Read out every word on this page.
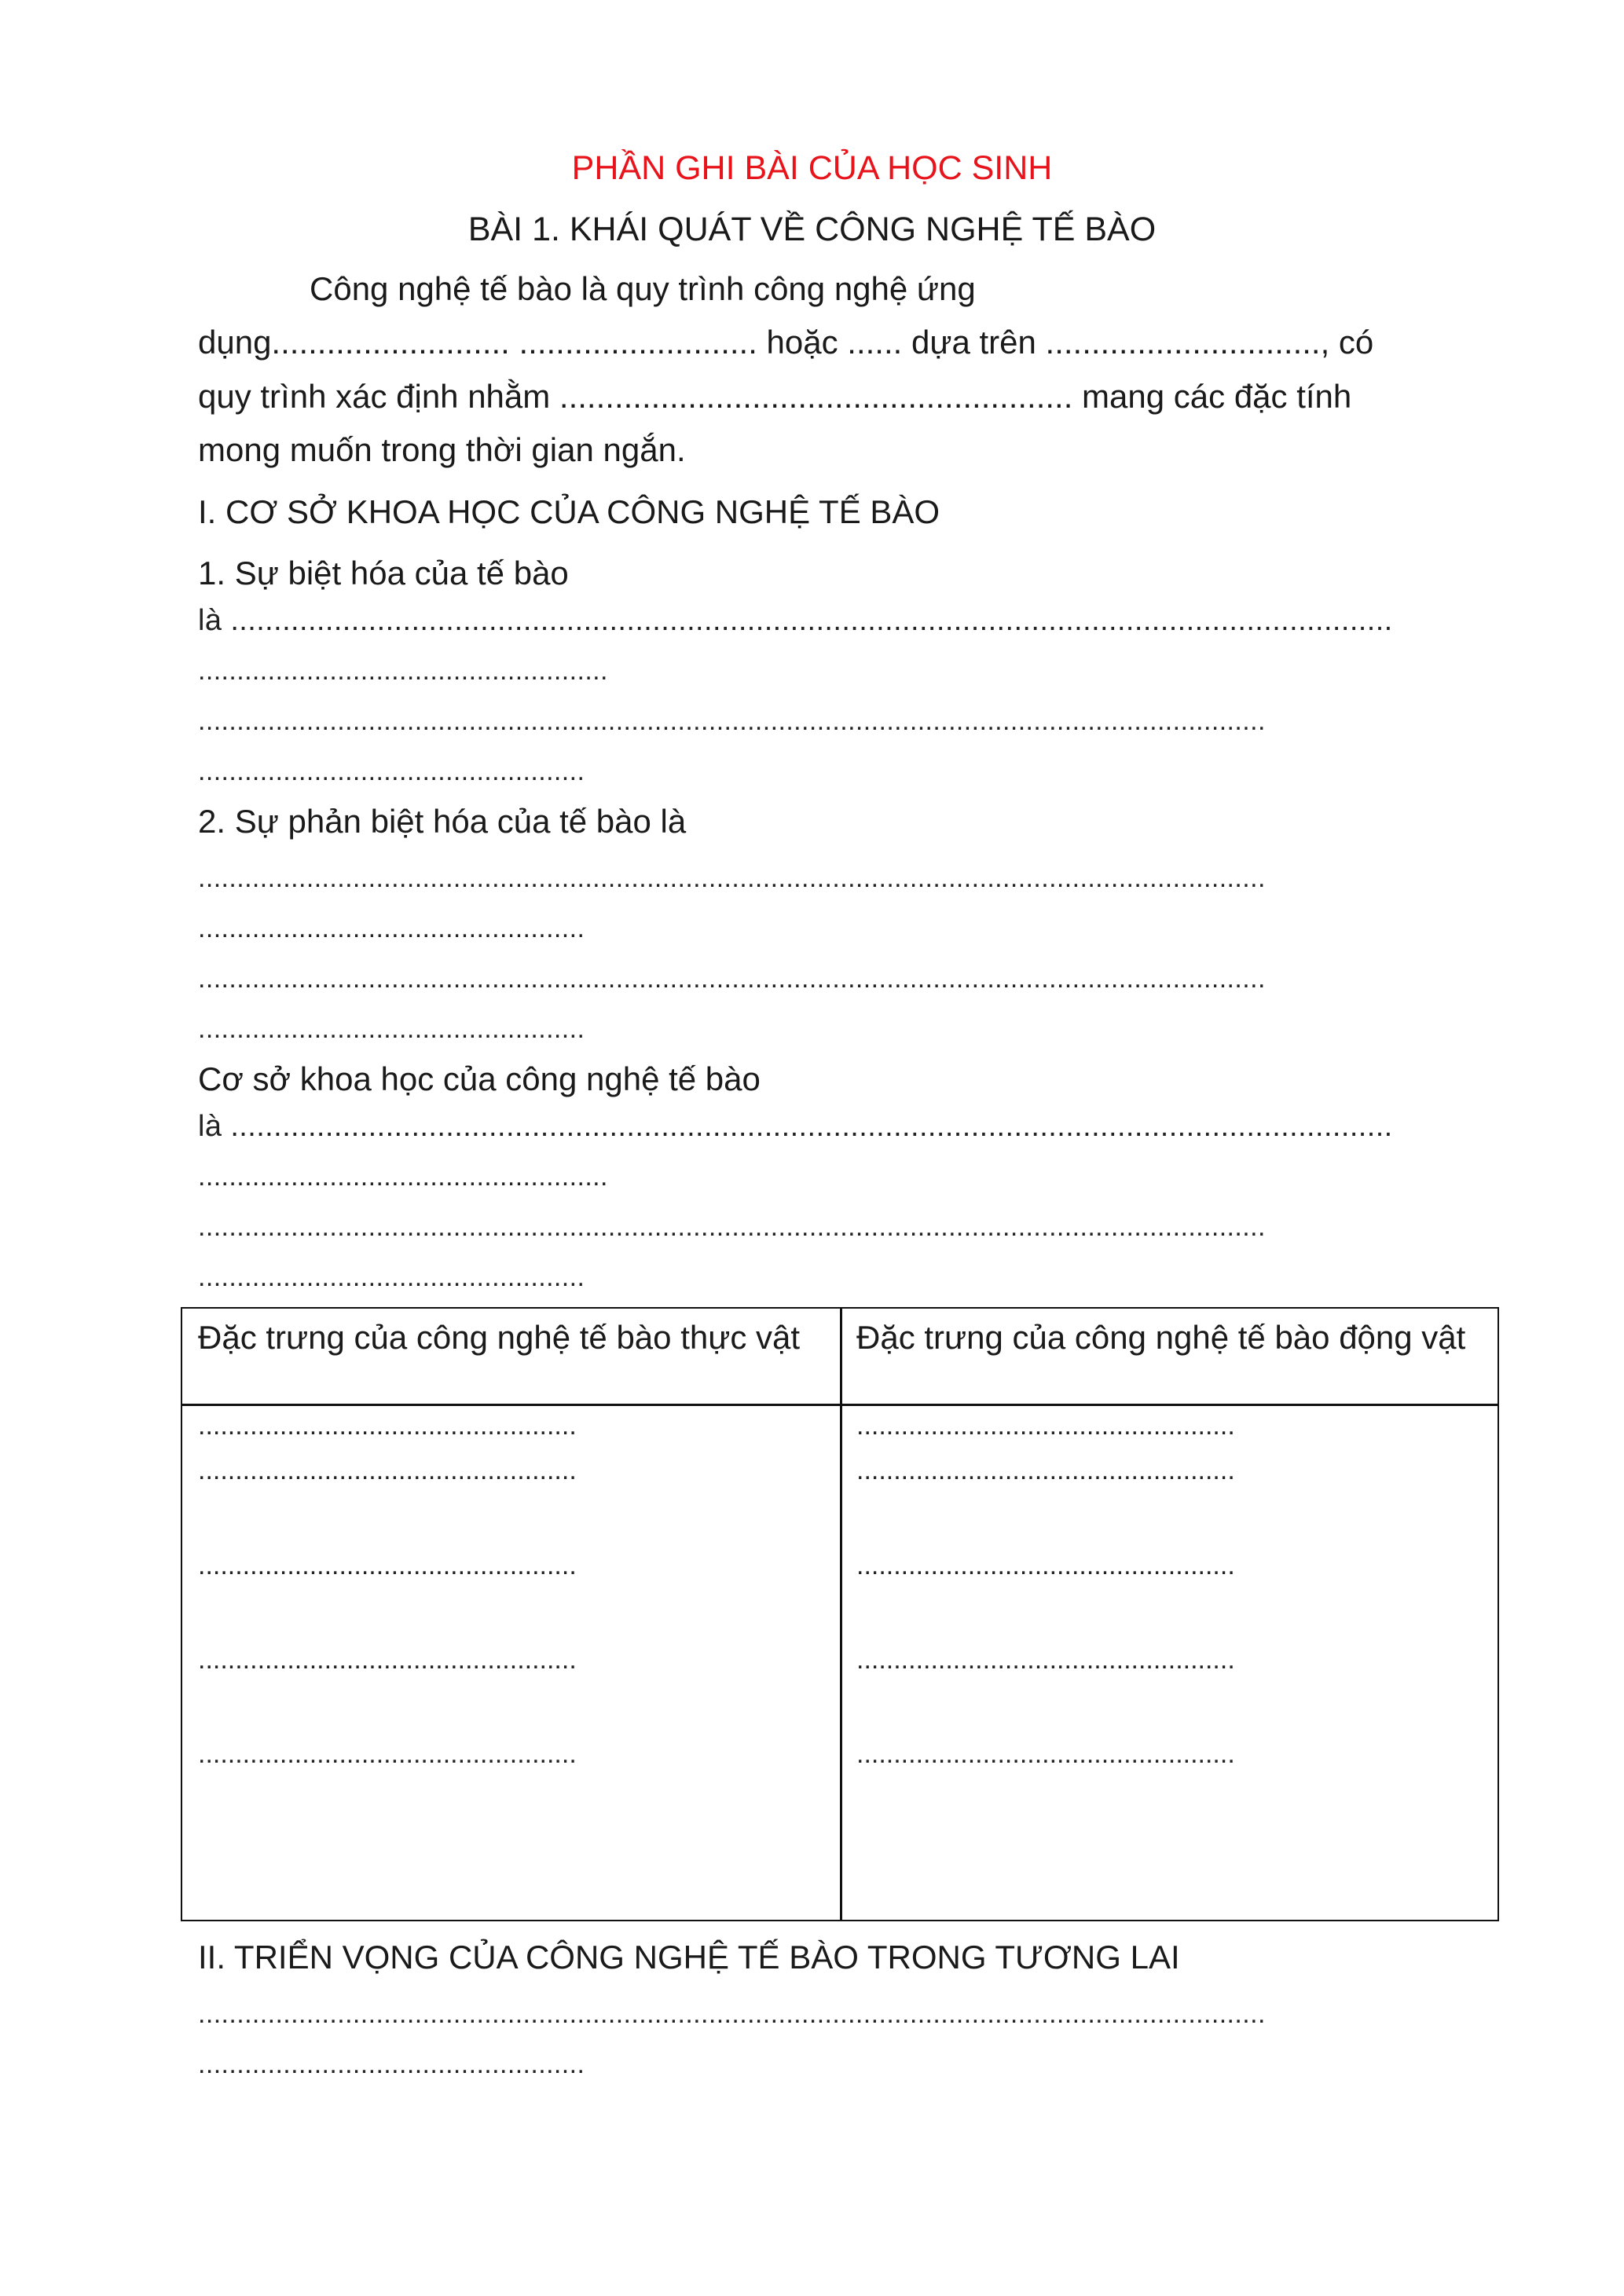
PHẦN GHI BÀI CỦA HỌC SINH
BÀI 1. KHÁI QUÁT VỀ CÔNG NGHỆ TẾ BÀO
Công nghệ tế bào là quy trình công nghệ ứng
dụng.......................... .......................... hoặc ...... dựa trên .............................., có
quy trình xác định nhằm ........................................................ mang các đặc tính
mong muốn trong thời gian ngắn.
I. CƠ SỞ KHOA HỌC CỦA CÔNG NGHỆ TẾ BÀO
1. Sự biệt hóa của tế bào
là .......................................................................................................................................
.....................................................
..........................................................................................................................................
..................................................
2. Sự phản biệt hóa của tế bào là
..........................................................................................................................................
..................................................
..........................................................................................................................................
..................................................
Cơ sở khoa học của công nghệ tế bào
là .......................................................................................................................................
.....................................................
..........................................................................................................................................
..................................................
Đặc trưng của công nghệ tế bào thực vật	Đặc trưng của công nghệ tế bào động vật
...................................................
...................................................
...................................................
...................................................
...................................................
...................................................
...................................................
...................................................
...................................................
...................................................
II. TRIỂN VỌNG CỦA CÔNG NGHỆ TẾ BÀO TRONG TƯƠNG LAI
..........................................................................................................................................
..................................................
